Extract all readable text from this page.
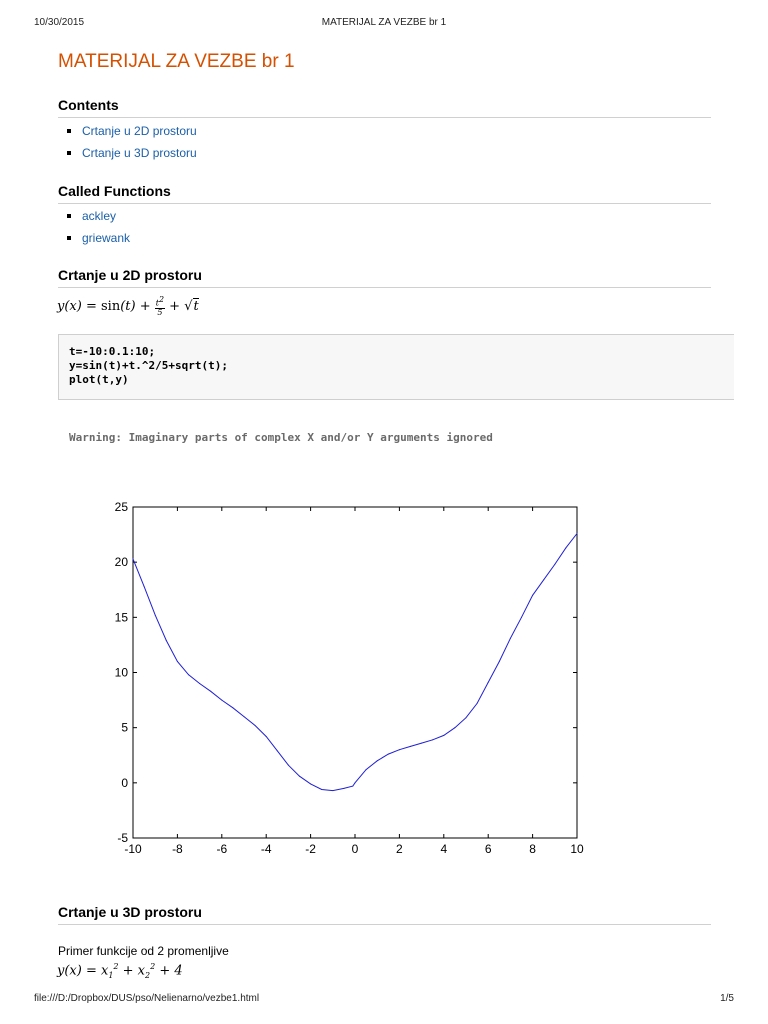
10/30/2015	MATERIJAL ZA VEZBE br 1
MATERIJAL ZA VEZBE br 1
Contents
Crtanje u 2D prostoru
Crtanje u 3D prostoru
Called Functions
ackley
griewank
Crtanje u 2D prostoru
$y(x) = \sin(t) + \frac{t^2}{5} + √t$
t=-10:0.1:10;
y=sin(t)+t.^2/5+sqrt(t);
plot(t,y)

Warning: Imaginary parts of complex X and/or Y arguments ignored

-10	-8	-6	-4	-2	0	2	4	6	8	10
-5
0
5
10
15
20
25
Crtanje u 3D prostoru

Primer funkcije od 2 promenljive

$y(x) = x_1^2 + x_2^2 + 4$
file:///D:/Dropbox/DUS/pso/Nelienarno/vezbe1.html	1/5
